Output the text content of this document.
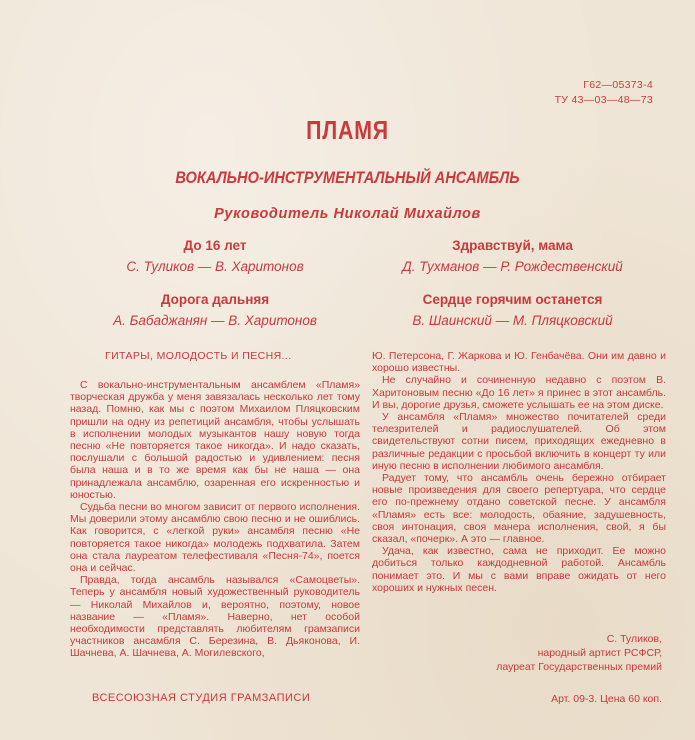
Г62—05373-4
ТУ 43—03—48—73
ПЛАМЯ
ВОКАЛЬНО-ИНСТРУМЕНТАЛЬНЫЙ АНСАМБЛЬ
Руководитель Николай Михайлов
До 16 лет
С. Туликов — В. Харитонов
Дорога дальняя
А. Бабаджанян — В. Харитонов
Здравствуй, мама
Д. Тухманов — Р. Рождественский
Сердце горячим останется
В. Шаинский — М. Пляцковский
ГИТАРЫ, МОЛОДОСТЬ И ПЕСНЯ...

С вокально-инструментальным ансамблем «Пламя» творческая дружба у меня завязалась несколько лет тому назад. Помню, как мы с поэтом Михаилом Пляцковским пришли на одну из репетиций ансамбля, чтобы услышать в исполнении молодых музыкантов нашу новую тогда песню «Не повторяется такое никогда». И надо сказать, послушали с большой радостью и удивлением: песня была наша и в то же время как бы не наша — она принадлежала ансамблю, озаренная его искренностью и юностью.

Судьба песни во многом зависит от первого исполнения. Мы доверили этому ансамблю свою песню и не ошиблись. Как говорится, с «легкой руки» ансамбля песню «Не повторяется такое никогда» молодежь подхватила. Затем она стала лауреатом телефестиваля «Песня-74», поется она и сейчас.

Правда, тогда ансамбль назывался «Самоцветы». Теперь у ансамбля новый художественный руководитель — Николай Михайлов и, вероятно, поэтому, новое название — «Пламя». Наверно, нет особой необходимости представлять любителям грамзаписи участников ансамбля С. Березина, В. Дьяконова, И. Шачнева, А. Шачнева, А. Могилевского,

Ю. Петерсона, Г. Жаркова и Ю. Генбачёва. Они им давно и хорошо известны.

Не случайно и сочиненную недавно с поэтом В. Харитоновым песню «До 16 лет» я принес в этот ансамбль. И вы, дорогие друзья, сможете услышать ее на этом диске.

У ансамбля «Пламя» множество почитателей среди телезрителей и радиослушателей. Об этом свидетельствуют сотни писем, приходящих ежедневно в различные редакции с просьбой включить в концерт ту или иную песню в исполнении любимого ансамбля.

Радует тому, что ансамбль очень бережно отбирает новые произведения для своего репертуара, что сердце его по-прежнему отдано советской песне. У ансамбля «Пламя» есть все: молодость, обаяние, задушевность, своя интонация, своя манера исполнения, свой, я бы сказал, «почерк». А это — главное.

Удача, как известно, сама не приходит. Ее можно добиться только каждодневной работой. Ансамбль понимает это. И мы с вами вправе ожидать от него хороших и нужных песен.

С. Туликов,
народный артист РСФСР,
лауреат Государственных премий
ВСЕСОЮЗНАЯ СТУДИЯ ГРАМЗАПИСИ	Арт. 09-3. Цена 60 коп.
